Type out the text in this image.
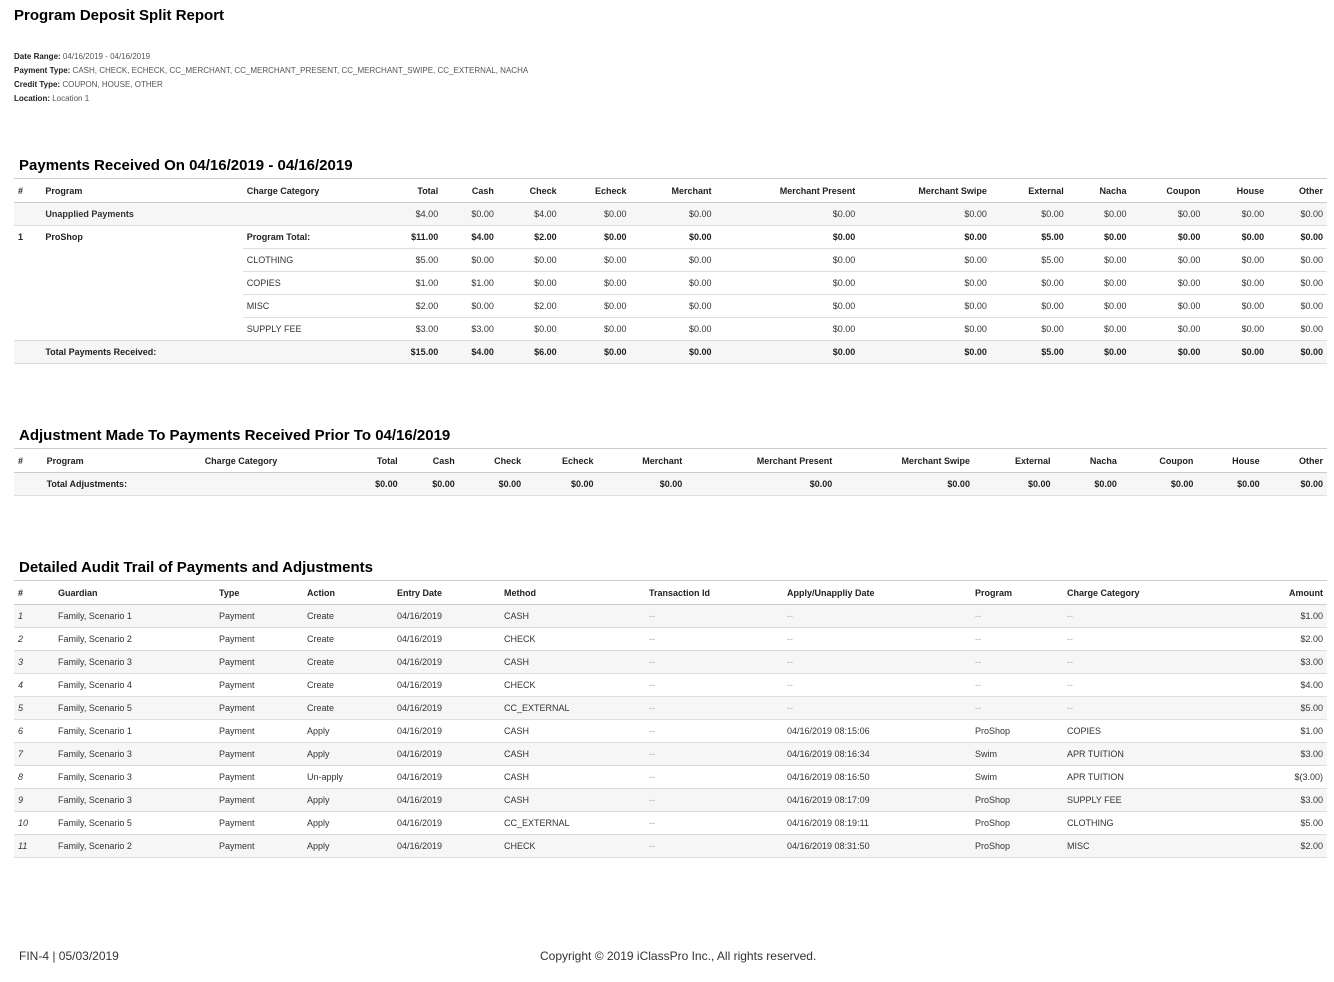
Program Deposit Split Report
Date Range: 04/16/2019 - 04/16/2019
Payment Type: CASH, CHECK, ECHECK, CC_MERCHANT, CC_MERCHANT_PRESENT, CC_MERCHANT_SWIPE, CC_EXTERNAL, NACHA
Credit Type: COUPON, HOUSE, OTHER
Location: Location 1
Payments Received On 04/16/2019 - 04/16/2019
#	Program	Charge Category	Total	Cash	Check	Echeck	Merchant	Merchant Present	Merchant Swipe	External	Nacha	Coupon	House	Other
	Unapplied Payments		$4.00	$0.00	$4.00	$0.00	$0.00	$0.00	$0.00	$0.00	$0.00	$0.00	$0.00	$0.00
1	ProShop	Program Total:	$11.00	$4.00	$2.00	$0.00	$0.00	$0.00	$0.00	$5.00	$0.00	$0.00	$0.00	$0.00
		CLOTHING	$5.00	$0.00	$0.00	$0.00	$0.00	$0.00	$0.00	$5.00	$0.00	$0.00	$0.00	$0.00
		COPIES	$1.00	$1.00	$0.00	$0.00	$0.00	$0.00	$0.00	$0.00	$0.00	$0.00	$0.00	$0.00
		MISC	$2.00	$0.00	$2.00	$0.00	$0.00	$0.00	$0.00	$0.00	$0.00	$0.00	$0.00	$0.00
		SUPPLY FEE	$3.00	$3.00	$0.00	$0.00	$0.00	$0.00	$0.00	$0.00	$0.00	$0.00	$0.00	$0.00
	Total Payments Received:		$15.00	$4.00	$6.00	$0.00	$0.00	$0.00	$0.00	$5.00	$0.00	$0.00	$0.00	$0.00
Adjustment Made To Payments Received Prior To 04/16/2019
#	Program	Charge Category	Total	Cash	Check	Echeck	Merchant	Merchant Present	Merchant Swipe	External	Nacha	Coupon	House	Other
	Total Adjustments:		$0.00	$0.00	$0.00	$0.00	$0.00	$0.00	$0.00	$0.00	$0.00	$0.00	$0.00	$0.00
Detailed Audit Trail of Payments and Adjustments
#	Guardian	Type	Action	Entry Date	Method	Transaction Id	Apply/Unappliy Date	Program	Charge Category	Amount
1	Family, Scenario 1	Payment	Create	04/16/2019	CASH	--	--	--	--	$1.00
2	Family, Scenario 2	Payment	Create	04/16/2019	CHECK	--	--	--	--	$2.00
3	Family, Scenario 3	Payment	Create	04/16/2019	CASH	--	--	--	--	$3.00
4	Family, Scenario 4	Payment	Create	04/16/2019	CHECK	--	--	--	--	$4.00
5	Family, Scenario 5	Payment	Create	04/16/2019	CC_EXTERNAL	--	--	--	--	$5.00
6	Family, Scenario 1	Payment	Apply	04/16/2019	CASH	--	04/16/2019 08:15:06	ProShop	COPIES	$1.00
7	Family, Scenario 3	Payment	Apply	04/16/2019	CASH	--	04/16/2019 08:16:34	Swim	APR TUITION	$3.00
8	Family, Scenario 3	Payment	Un-apply	04/16/2019	CASH	--	04/16/2019 08:16:50	Swim	APR TUITION	$(3.00)
9	Family, Scenario 3	Payment	Apply	04/16/2019	CASH	--	04/16/2019 08:17:09	ProShop	SUPPLY FEE	$3.00
10	Family, Scenario 5	Payment	Apply	04/16/2019	CC_EXTERNAL	--	04/16/2019 08:19:11	ProShop	CLOTHING	$5.00
11	Family, Scenario 2	Payment	Apply	04/16/2019	CHECK	--	04/16/2019 08:31:50	ProShop	MISC	$2.00
FIN-4 | 05/03/2019	Copyright © 2019 iClassPro Inc., All rights reserved.
